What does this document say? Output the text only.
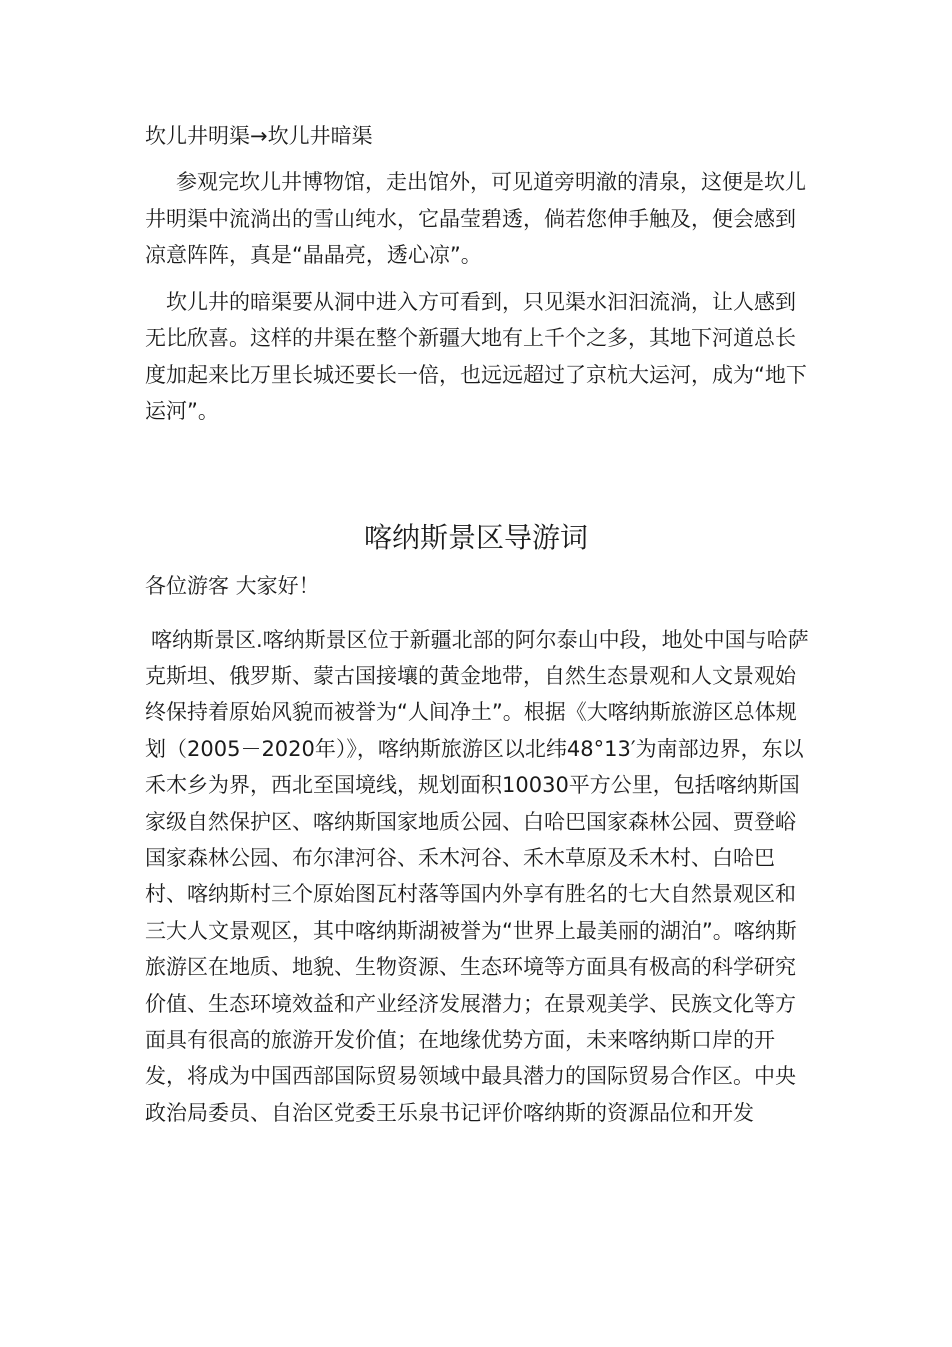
坎儿井明渠→坎儿井暗渠

参观完坎儿井博物馆，走出馆外，可见道旁明澈的清泉，这便是坎儿井明渠中流淌出的雪山纯水，它晶莹碧透，倘若您伸手触及，便会感到凉意阵阵，真是“晶晶亮，透心凉”。

坎儿井的暗渠要从洞中进入方可看到，只见渠水汩汩流淌，让人感到无比欣喜。这样的井渠在整个新疆大地有上千个之多，其地下河道总长度加起来比万里长城还要长一倍，也远远超过了京杭大运河，成为“地下运河”。

喀纳斯景区导游词
各位游客 大家好！

喀纳斯景区.喀纳斯景区位于新疆北部的阿尔泰山中段，地处中国与哈萨克斯坦、俄罗斯、蒙古国接壤的黄金地带，自然生态景观和人文景观始终保持着原始风貌而被誉为“人间净土”。根据《大喀纳斯旅游区总体规划（2005－2020年）》，喀纳斯旅游区以北纬48°13′为南部边界，东以禾木乡为界，西北至国境线，规划面积10030平方公里，包括喀纳斯国家级自然保护区、喀纳斯国家地质公园、白哈巴国家森林公园、贾登峪国家森林公园、布尔津河谷、禾木河谷、禾木草原及禾木村、白哈巴村、喀纳斯村三个原始图瓦村落等国内外享有胜名的七大自然景观区和三大人文景观区，其中喀纳斯湖被誉为“世界上最美丽的湖泊”。喀纳斯旅游区在地质、地貌、生物资源、生态环境等方面具有极高的科学研究价值、生态环境效益和产业经济发展潜力；在景观美学、民族文化等方面具有很高的旅游开发价值；在地缘优势方面，未来喀纳斯口岸的开发，将成为中国西部国际贸易领域中最具潜力的国际贸易合作区。中央政治局委员、自治区党委王乐泉书记评价喀纳斯的资源品位和开发
